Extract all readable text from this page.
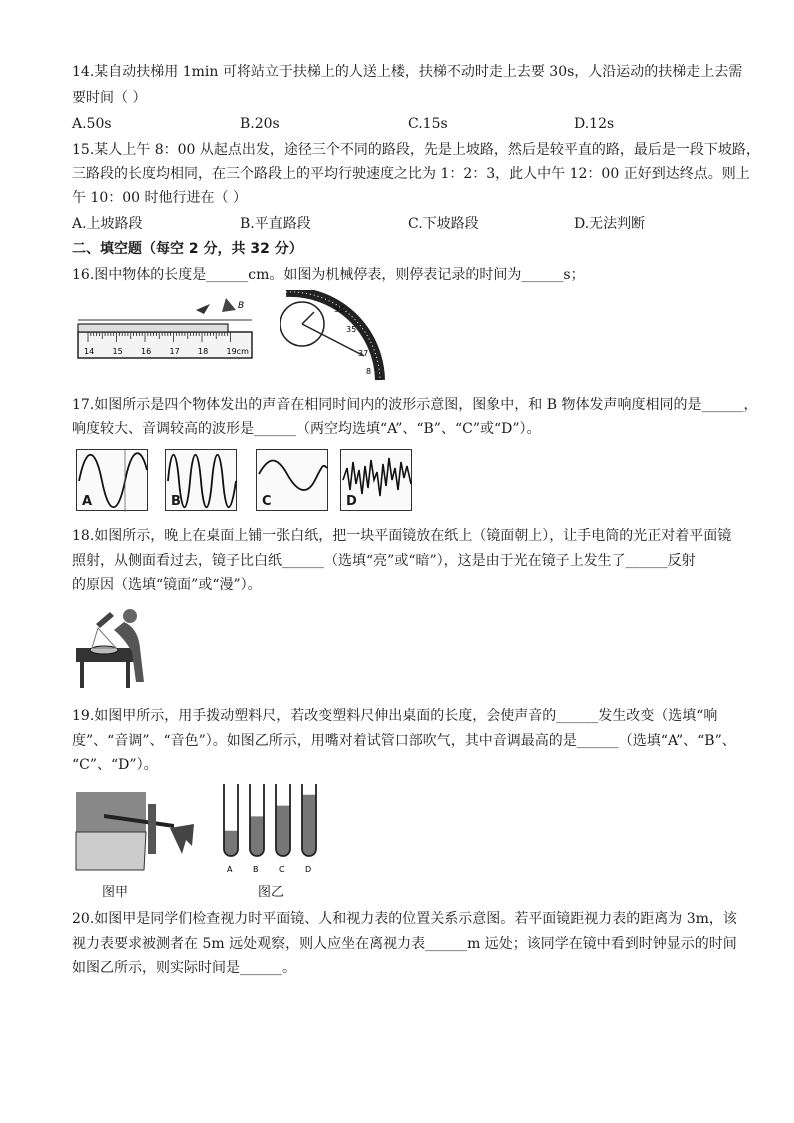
14.某自动扶梯用 1min 可将站立于扶梯上的人送上楼，扶梯不动时走上去要 30s，人沿运动的扶梯走上去需
要时间（ ）
A.50s	B.20s	C.15s	D.12s
15.某人上午 8：00 从起点出发，途径三个不同的路段，先是上坡路，然后是较平直的路，最后是一段下坡路，
三路段的长度均相同，在三个路段上的平均行驶速度之比为 1：2：3，此人中午 12：00 正好到达终点。则上
午 10：00 时他行进在（ ）
A.上坡路段	B.平直路段	C.下坡路段	D.无法判断
二、填空题（每空 2 分，共 32 分）
16.图中物体的长度是______cm。如图为机械停表，则停表记录的时间为______s；
14 15 16 17 18 19cm
B	33
35
37
8
17.如图所示是四个物体发出的声音在相同时间内的波形示意图，图象中，和 B 物体发声响度相同的是______，
响度较大、音调较高的波形是______（两空均选填“A”、“B”、“C”或“D”）。
A	B	C	D
18.如图所示，晚上在桌面上铺一张白纸，把一块平面镜放在纸上（镜面朝上），让手电筒的光正对着平面镜
照射，从侧面看过去，镜子比白纸______（选填“亮”或“暗”），这是由于光在镜子上发生了______反射
的原因（选填“镜面”或“漫”）。
19.如图甲所示，用手拨动塑料尺，若改变塑料尺伸出桌面的长度，会使声音的______发生改变（选填“响
度”、“音调”、“音色”）。如图乙所示，用嘴对着试管口部吹气，其中音调最高的是______（选填“A”、“B”、
“C”、“D”）。
A	B	C	D
图甲	图乙
20.如图甲是同学们检查视力时平面镜、人和视力表的位置关系示意图。若平面镜距视力表的距离为 3m，该
视力表要求被测者在 5m 远处观察，则人应坐在离视力表______m 远处；该同学在镜中看到时钟显示的时间
如图乙所示，则实际时间是______。
